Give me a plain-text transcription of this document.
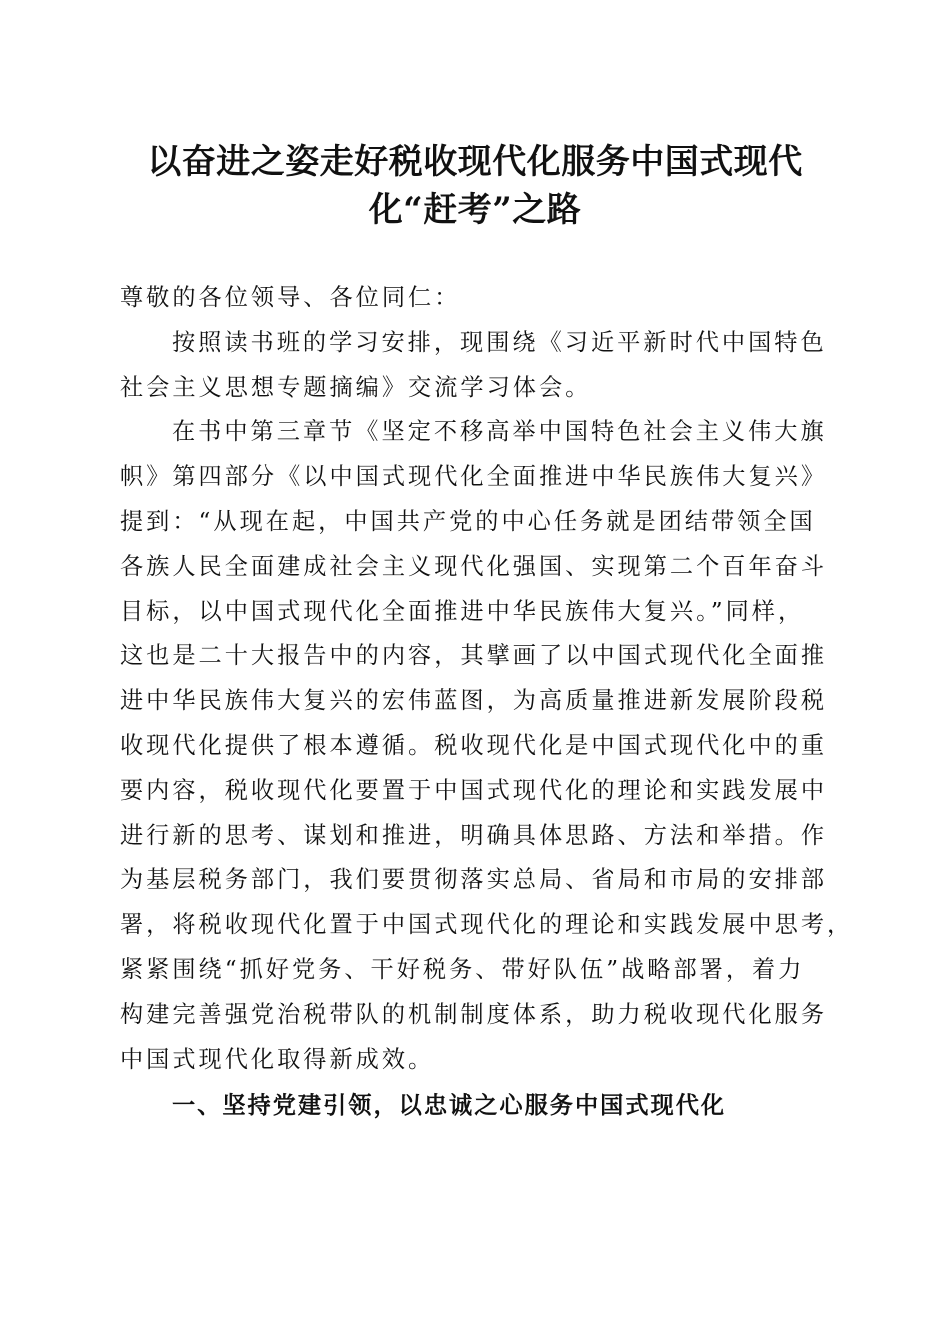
以奋进之姿走好税收现代化服务中国式现代
化“赶考”之路
尊敬的各位领导、各位同仁：
按照读书班的学习安排，现围绕《习近平新时代中国特色
社会主义思想专题摘编》交流学习体会。
在书中第三章节《坚定不移高举中国特色社会主义伟大旗
帜》第四部分《以中国式现代化全面推进中华民族伟大复兴》
提到：“从现在起，中国共产党的中心任务就是团结带领全国
各族人民全面建成社会主义现代化强国、实现第二个百年奋斗
目标，以中国式现代化全面推进中华民族伟大复兴。”同样，
这也是二十大报告中的内容，其擘画了以中国式现代化全面推
进中华民族伟大复兴的宏伟蓝图，为高质量推进新发展阶段税
收现代化提供了根本遵循。税收现代化是中国式现代化中的重
要内容，税收现代化要置于中国式现代化的理论和实践发展中
进行新的思考、谋划和推进，明确具体思路、方法和举措。作
为基层税务部门，我们要贯彻落实总局、省局和市局的安排部
署，将税收现代化置于中国式现代化的理论和实践发展中思考，
紧紧围绕“抓好党务、干好税务、带好队伍”战略部署，着力
构建完善强党治税带队的机制制度体系，助力税收现代化服务
中国式现代化取得新成效。
一、坚持党建引领，以忠诚之心服务中国式现代化
